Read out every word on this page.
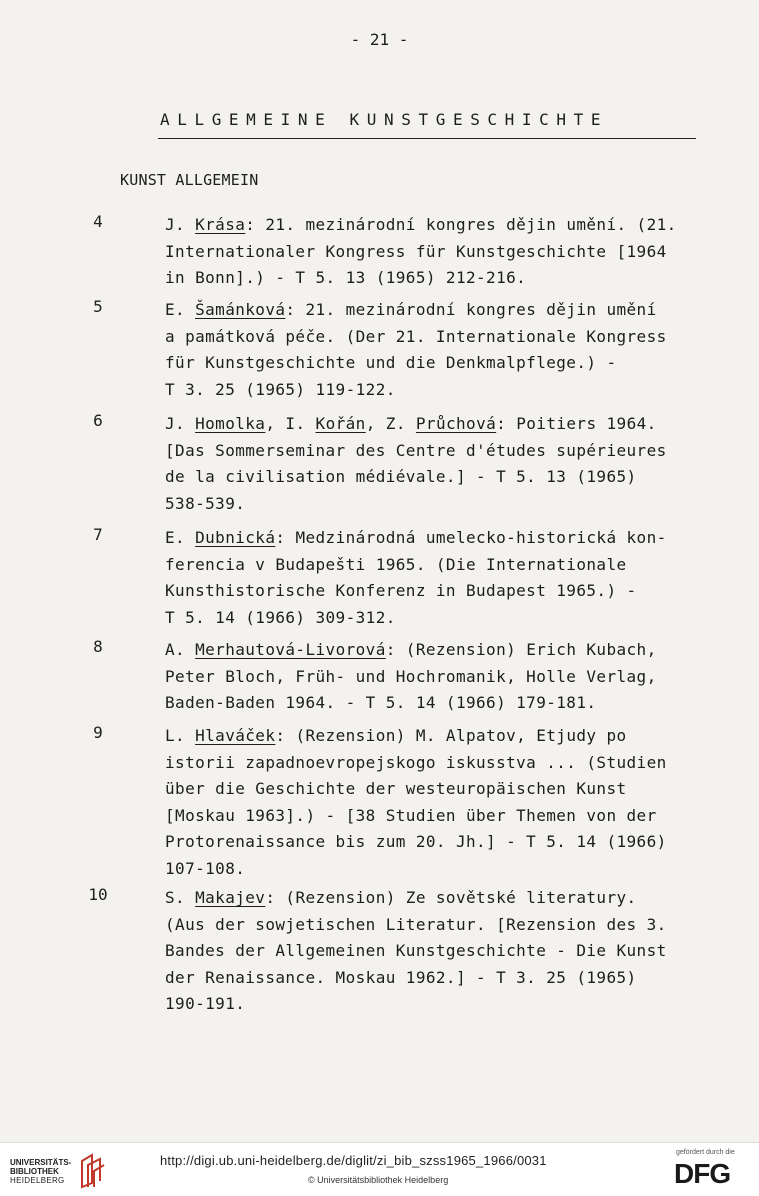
- 21 -
ALLGEMEINE KUNSTGESCHICHTE
KUNST ALLGEMEIN
4	J. Krása: 21. mezinárodní kongres dějin umění. (21.
Internationaler Kongress für Kunstgeschichte [1964
in Bonn].) - T 5. 13 (1965) 212-216.
5	E. Šamánková: 21. mezinárodní kongres dějin umění
a památková péče. (Der 21. Internationale Kongress
für Kunstgeschichte und die Denkmalpflege.) -
T 3. 25 (1965) 119-122.
6	J. Homolka, I. Kořán, Z. Průchová: Poitiers 1964.
[Das Sommerseminar des Centre d'études supérieures
de la civilisation médiévale.] - T 5. 13 (1965)
538-539.
7	E. Dubnická: Medzinárodná umelecko-historická kon-
ferencia v Budapešti 1965. (Die Internationale
Kunsthistorische Konferenz in Budapest 1965.) -
T 5. 14 (1966) 309-312.
8	A. Merhautová-Livorová: (Rezension) Erich Kubach,
Peter Bloch, Früh- und Hochromanik, Holle Verlag,
Baden-Baden 1964. - T 5. 14 (1966) 179-181.
9	L. Hlaváček: (Rezension) M. Alpatov, Etjudy po
istorii zapadnoevropejskogo iskusstva ... (Studien
über die Geschichte der westeuropäischen Kunst
[Moskau 1963].) - [38 Studien über Themen von der
Protorenaissance bis zum 20. Jh.] - T 5. 14 (1966)
107-108.
10	S. Makajev: (Rezension) Ze sovětské literatury.
(Aus der sowjetischen Literatur. [Rezension des 3.
Bandes der Allgemeinen Kunstgeschichte - Die Kunst
der Renaissance. Moskau 1962.] - T 3. 25 (1965)
190-191.
UNIVERSITÄTS-
BIBLIOTHEK
HEIDELBERG
http://digi.ub.uni-heidelberg.de/diglit/zi_bib_szss1965_1966/0031
© Universitätsbibliothek Heidelberg
gefördert durch die
DFG
